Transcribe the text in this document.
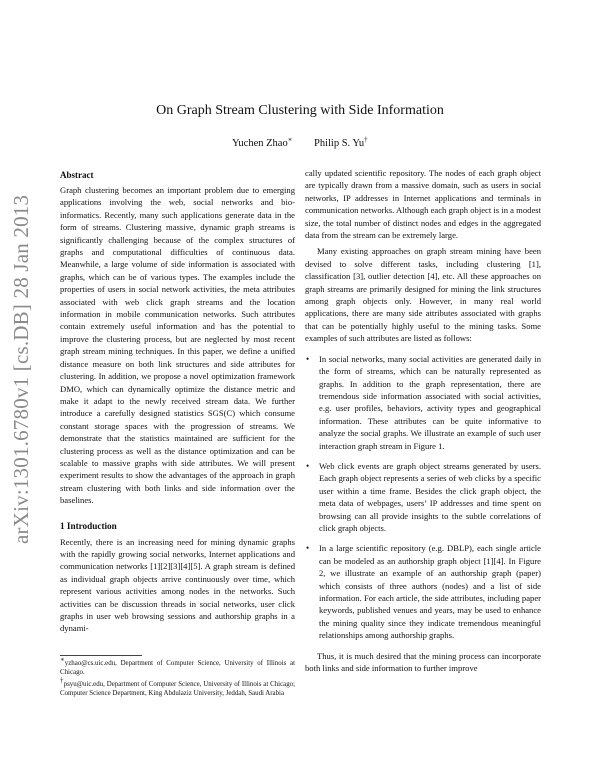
arXiv:1301.6780v1 [cs.DB] 28 Jan 2013
On Graph Stream Clustering with Side Information
Yuchen Zhao∗ Philip S. Yu†

Abstract

Graph clustering becomes an important problem due to emerging applications involving the web, social networks and bio-informatics. Recently, many such applications generate data in the form of streams. Clustering massive, dynamic graph streams is significantly challenging because of the complex structures of graphs and computational difficulties of continuous data. Meanwhile, a large volume of side information is associated with graphs, which can be of various types. The examples include the properties of users in social network activities, the meta attributes associated with web click graph streams and the location information in mobile communication networks. Such attributes contain extremely useful information and has the potential to improve the clustering process, but are neglected by most recent graph stream mining techniques. In this paper, we define a unified distance measure on both link structures and side attributes for clustering. In addition, we propose a novel optimization framework DMO, which can dynamically optimize the distance metric and make it adapt to the newly received stream data. We further introduce a carefully designed statistics SGS(C) which consume constant storage spaces with the progression of streams. We demonstrate that the statistics maintained are sufficient for the clustering process as well as the distance optimization and can be scalable to massive graphs with side attributes. We will present experiment results to show the advantages of the approach in graph stream clustering with both links and side information over the baselines.

1 Introduction

Recently, there is an increasing need for mining dynamic graphs with the rapidly growing social networks, Internet applications and communication networks [1][2][3][4][5]. A graph stream is defined as individual graph objects arrive continuously over time, which represent various activities among nodes in the networks. Such activities can be discussion threads in social networks, user click graphs in user web browsing sessions and authorship graphs in a dynami-

∗yzhao@cs.uic.edu, Department of Computer Science, University of Illinois at Chicago.

†psyu@uic.edu, Department of Computer Science, University of Illinois at Chicago; Computer Science Department, King Abdulaziz University, Jeddah, Saudi Arabia

cally updated scientific repository. The nodes of each graph object are typically drawn from a massive domain, such as users in social networks, IP addresses in Internet applications and terminals in communication networks. Although each graph object is in a modest size, the total number of distinct nodes and edges in the aggregated data from the stream can be extremely large.

Many existing approaches on graph stream mining have been devised to solve different tasks, including clustering [1], classification [3], outlier detection [4], etc. All these approaches on graph streams are primarily designed for mining the link structures among graph objects only. However, in many real world applications, there are many side attributes associated with graphs that can be potentially highly useful to the mining tasks. Some examples of such attributes are listed as follows:

• In social networks, many social activities are generated daily in the form of streams, which can be naturally represented as graphs. In addition to the graph representation, there are tremendous side information associated with social activities, e.g. user profiles, behaviors, activity types and geographical information. These attributes can be quite informative to analyze the social graphs. We illustrate an example of such user interaction graph stream in Figure 1.
• Web click events are graph object streams generated by users. Each graph object represents a series of web clicks by a specific user within a time frame. Besides the click graph object, the meta data of webpages, users’ IP addresses and time spent on browsing can all provide insights to the subtle correlations of click graph objects.
• In a large scientific repository (e.g. DBLP), each single article can be modeled as an authorship graph object [1][4]. In Figure 2, we illustrate an example of an authorship graph (paper) which consists of three authors (nodes) and a list of side information. For each article, the side attributes, including paper keywords, published venues and years, may be used to enhance the mining quality since they indicate tremendous meaningful relationships among authorship graphs.

Thus, it is much desired that the mining process can incorporate both links and side information to further improve
